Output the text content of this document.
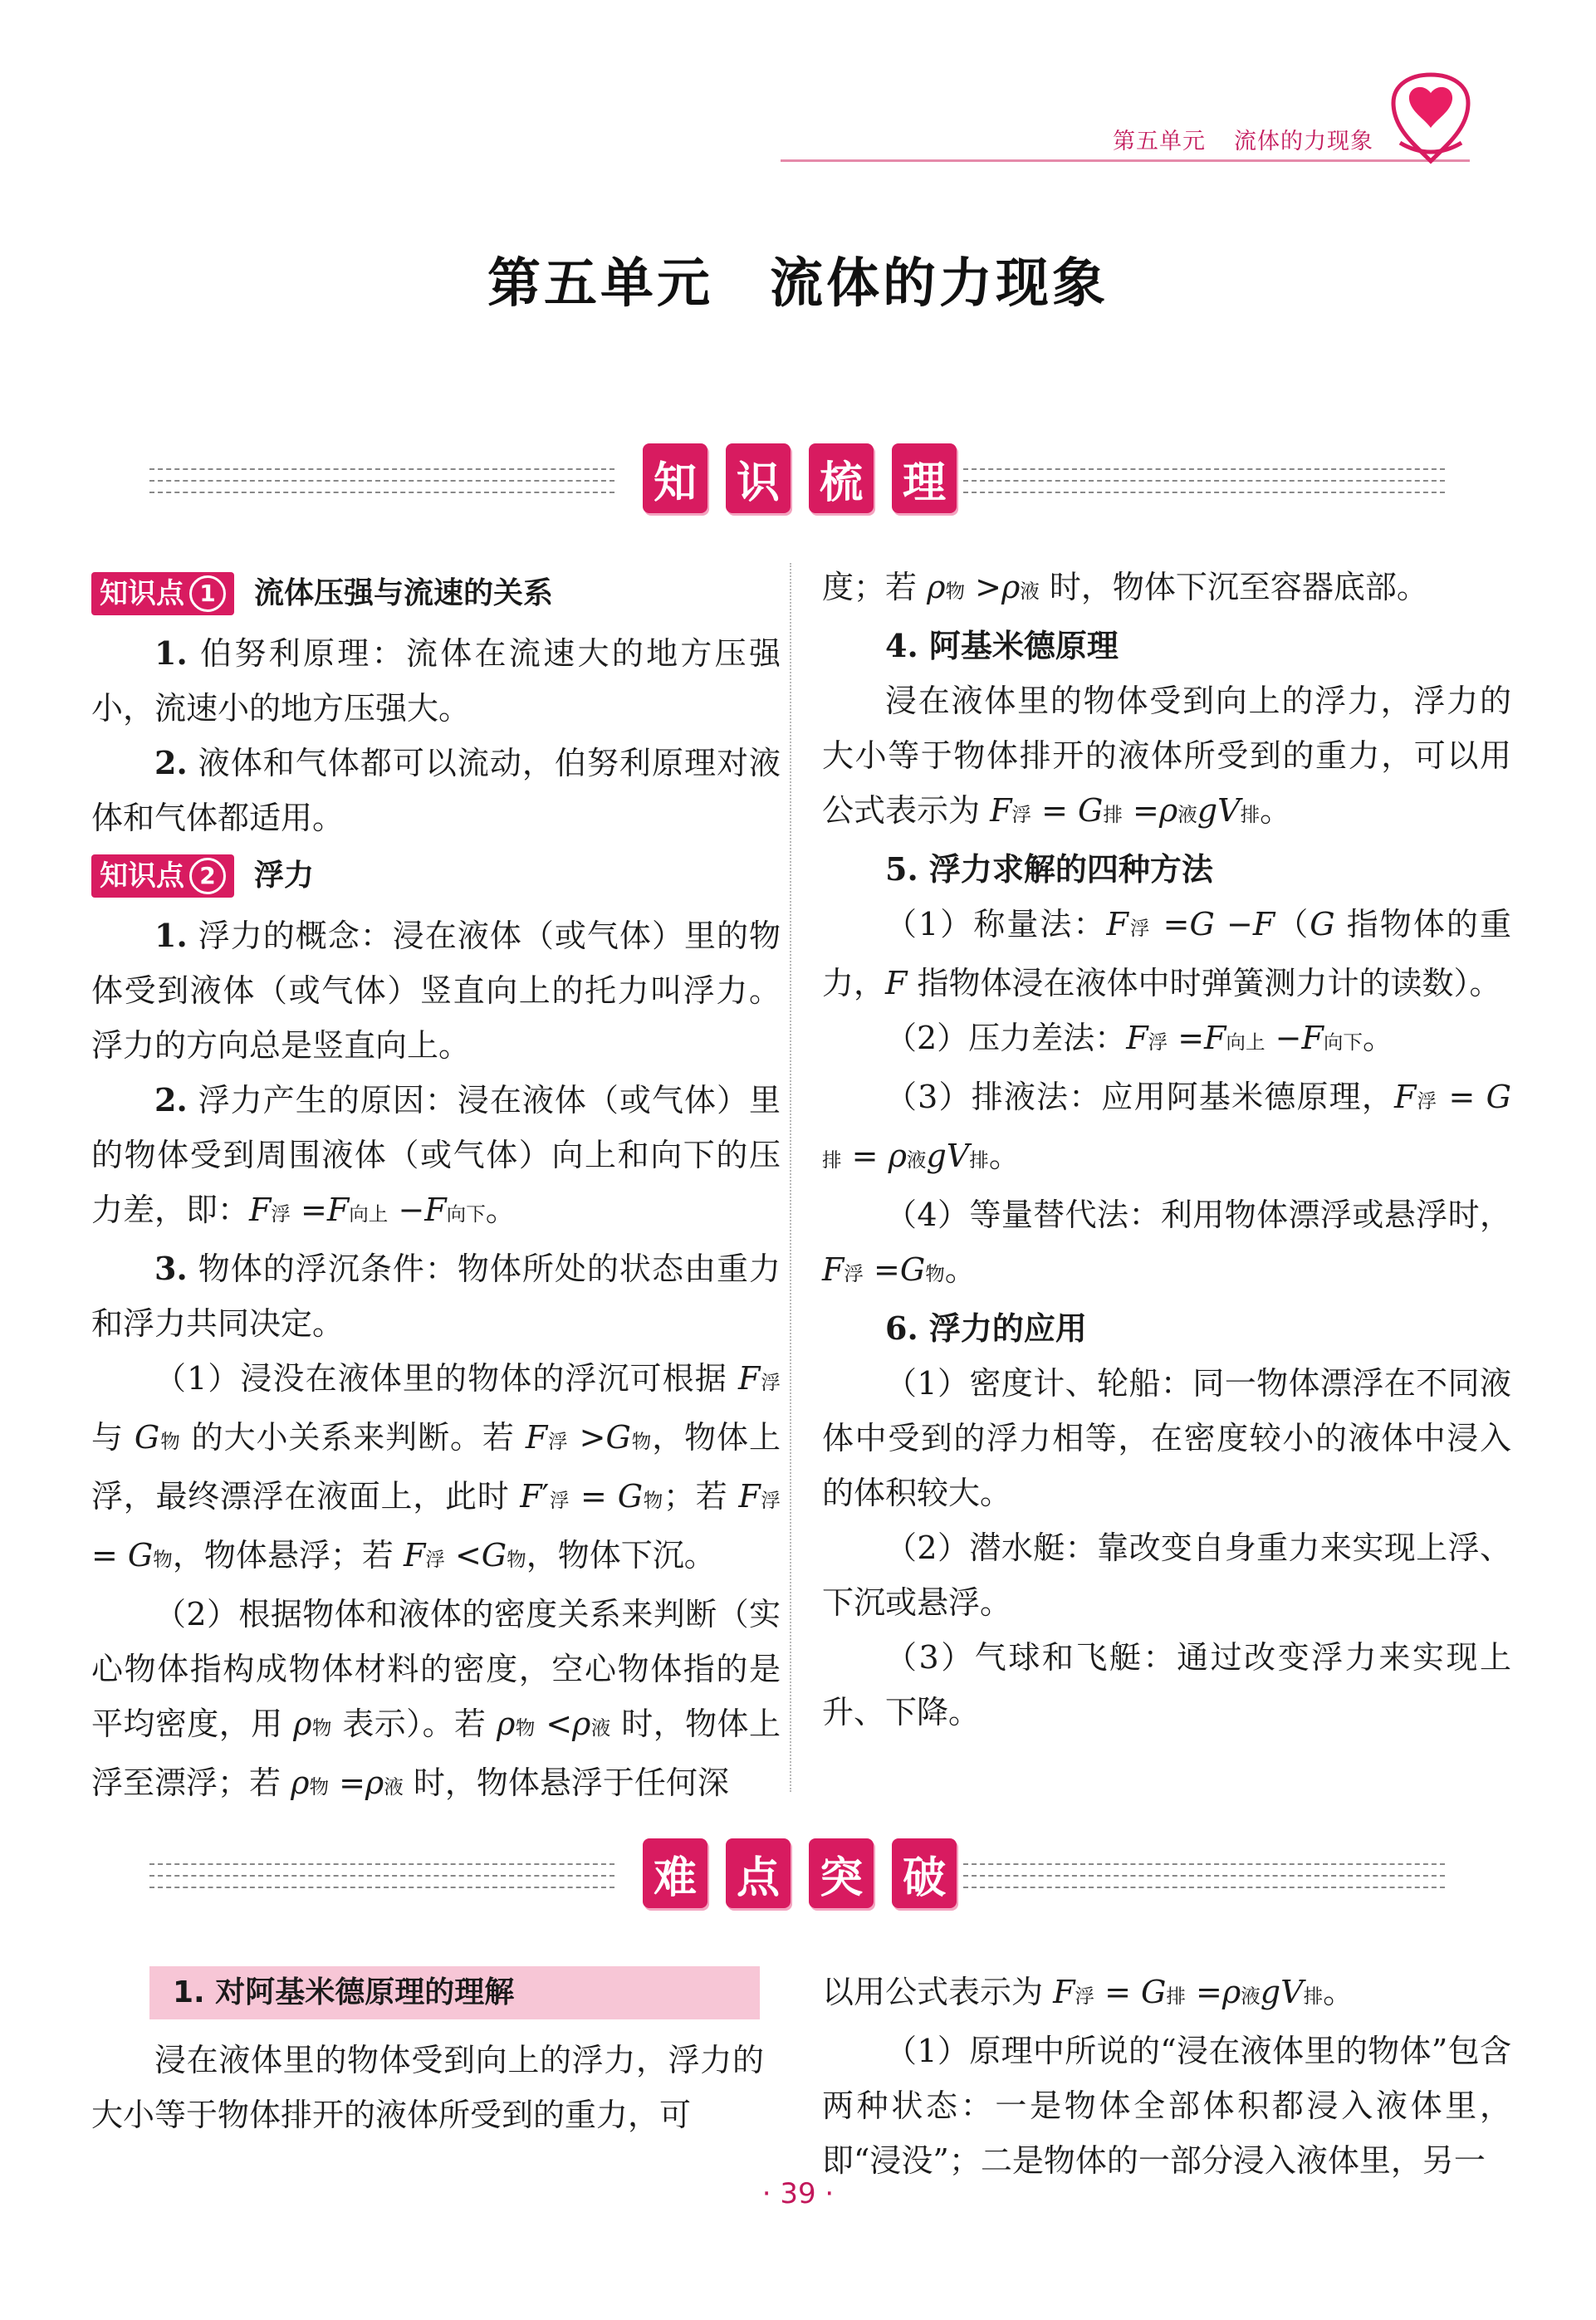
第五单元 流体的力现象
第五单元　流体的力现象
知 识 梳 理
知识点 1	流体压强与流速的关系

1. 伯努利原理：流体在流速大的地方压强小，流速小的地方压强大。

2. 液体和气体都可以流动，伯努利原理对液体和气体都适用。

知识点 2	浮力

1. 浮力的概念：浸在液体（或气体）里的物体受到液体（或气体）竖直向上的托力叫浮力。浮力的方向总是竖直向上。

2. 浮力产生的原因：浸在液体（或气体）里的物体受到周围液体（或气体）向上和向下的压力差，即：F浮 =F向上 −F向下。

3. 物体的浮沉条件：物体所处的状态由重力和浮力共同决定。

（1）浸没在液体里的物体的浮沉可根据 F浮 与 G物 的大小关系来判断。若 F浮 >G物，物体上浮，最终漂浮在液面上，此时 F′浮 = G物；若 F浮 = G物，物体悬浮；若 F浮 <G物，物体下沉。

（2）根据物体和液体的密度关系来判断（实心物体指构成物体材料的密度，空心物体指的是平均密度，用 ρ物 表示）。若 ρ物 <ρ液 时，物体上浮至漂浮；若 ρ物 =ρ液 时，物体悬浮于任何深

度；若 ρ物 >ρ液 时，物体下沉至容器底部。

4. 阿基米德原理

浸在液体里的物体受到向上的浮力，浮力的大小等于物体排开的液体所受到的重力，可以用公式表示为 F浮 = G排 =ρ液gV排。

5. 浮力求解的四种方法

（1）称量法：F浮 =G −F（G 指物体的重力，F 指物体浸在液体中时弹簧测力计的读数）。

（2）压力差法：F浮 =F向上 −F向下。

（3）排液法：应用阿基米德原理，F浮 = G排 = ρ液gV排。

（4）等量替代法：利用物体漂浮或悬浮时，F浮 =G物。

6. 浮力的应用

（1）密度计、轮船：同一物体漂浮在不同液体中受到的浮力相等，在密度较小的液体中浸入的体积较大。

（2）潜水艇：靠改变自身重力来实现上浮、下沉或悬浮。

（3）气球和飞艇：通过改变浮力来实现上升、下降。

难 点 突 破
1. 对阿基米德原理的理解

浸在液体里的物体受到向上的浮力，浮力的大小等于物体排开的液体所受到的重力，可

以用公式表示为 F浮 = G排 =ρ液gV排。

（1）原理中所说的“浸在液体里的物体”包含两种状态：一是物体全部体积都浸入液体里，即“浸没”；二是物体的一部分浸入液体里，另一

· 39 ·
